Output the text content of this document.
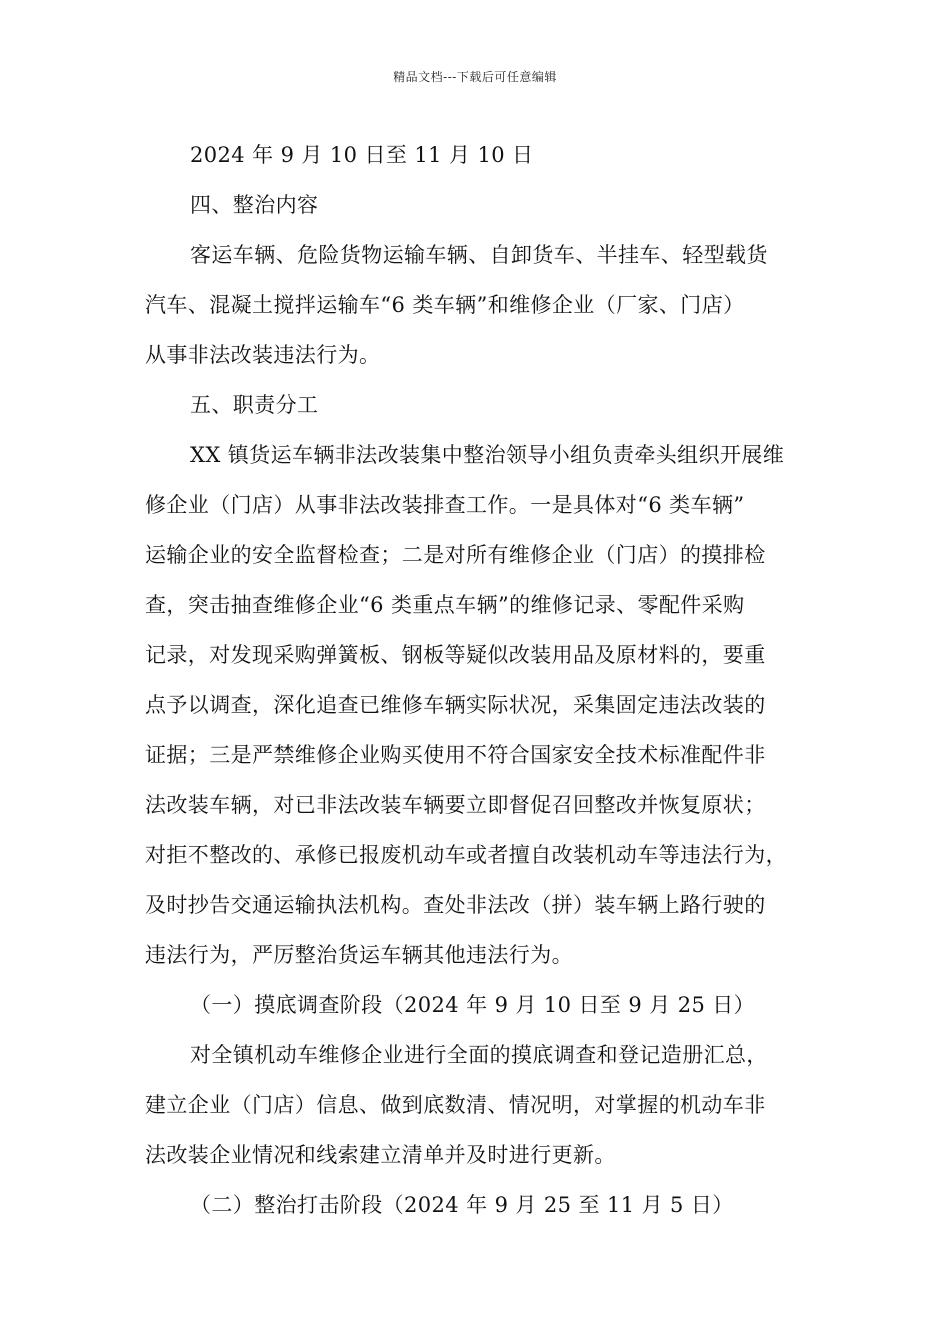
精品文档---下载后可任意编辑
2024 年 9 月 10 日至 11 月 10 日
四、整治内容
客运车辆、危险货物运输车辆、自卸货车、半挂车、轻型载货
汽车、混凝土搅拌运输车“6 类车辆”和维修企业（厂家、门店）
从事非法改装违法行为。
五、职责分工
XX 镇货运车辆非法改装集中整治领导小组负责牵头组织开展维
修企业（门店）从事非法改装排查工作。一是具体对“6 类车辆”
运输企业的安全监督检查；二是对所有维修企业（门店）的摸排检
查，突击抽查维修企业“6 类重点车辆”的维修记录、零配件采购
记录，对发现采购弹簧板、钢板等疑似改装用品及原材料的，要重
点予以调查，深化追查已维修车辆实际状况，采集固定违法改装的
证据；三是严禁维修企业购买使用不符合国家安全技术标准配件非
法改装车辆，对已非法改装车辆要立即督促召回整改并恢复原状；
对拒不整改的、承修已报废机动车或者擅自改装机动车等违法行为，
及时抄告交通运输执法机构。查处非法改（拼）装车辆上路行驶的
违法行为，严厉整治货运车辆其他违法行为。
（一）摸底调查阶段（2024 年 9 月 10 日至 9 月 25 日）
对全镇机动车维修企业进行全面的摸底调查和登记造册汇总，
建立企业（门店）信息、做到底数清、情况明，对掌握的机动车非
法改装企业情况和线索建立清单并及时进行更新。
（二）整治打击阶段（2024 年 9 月 25 至 11 月 5 日）
